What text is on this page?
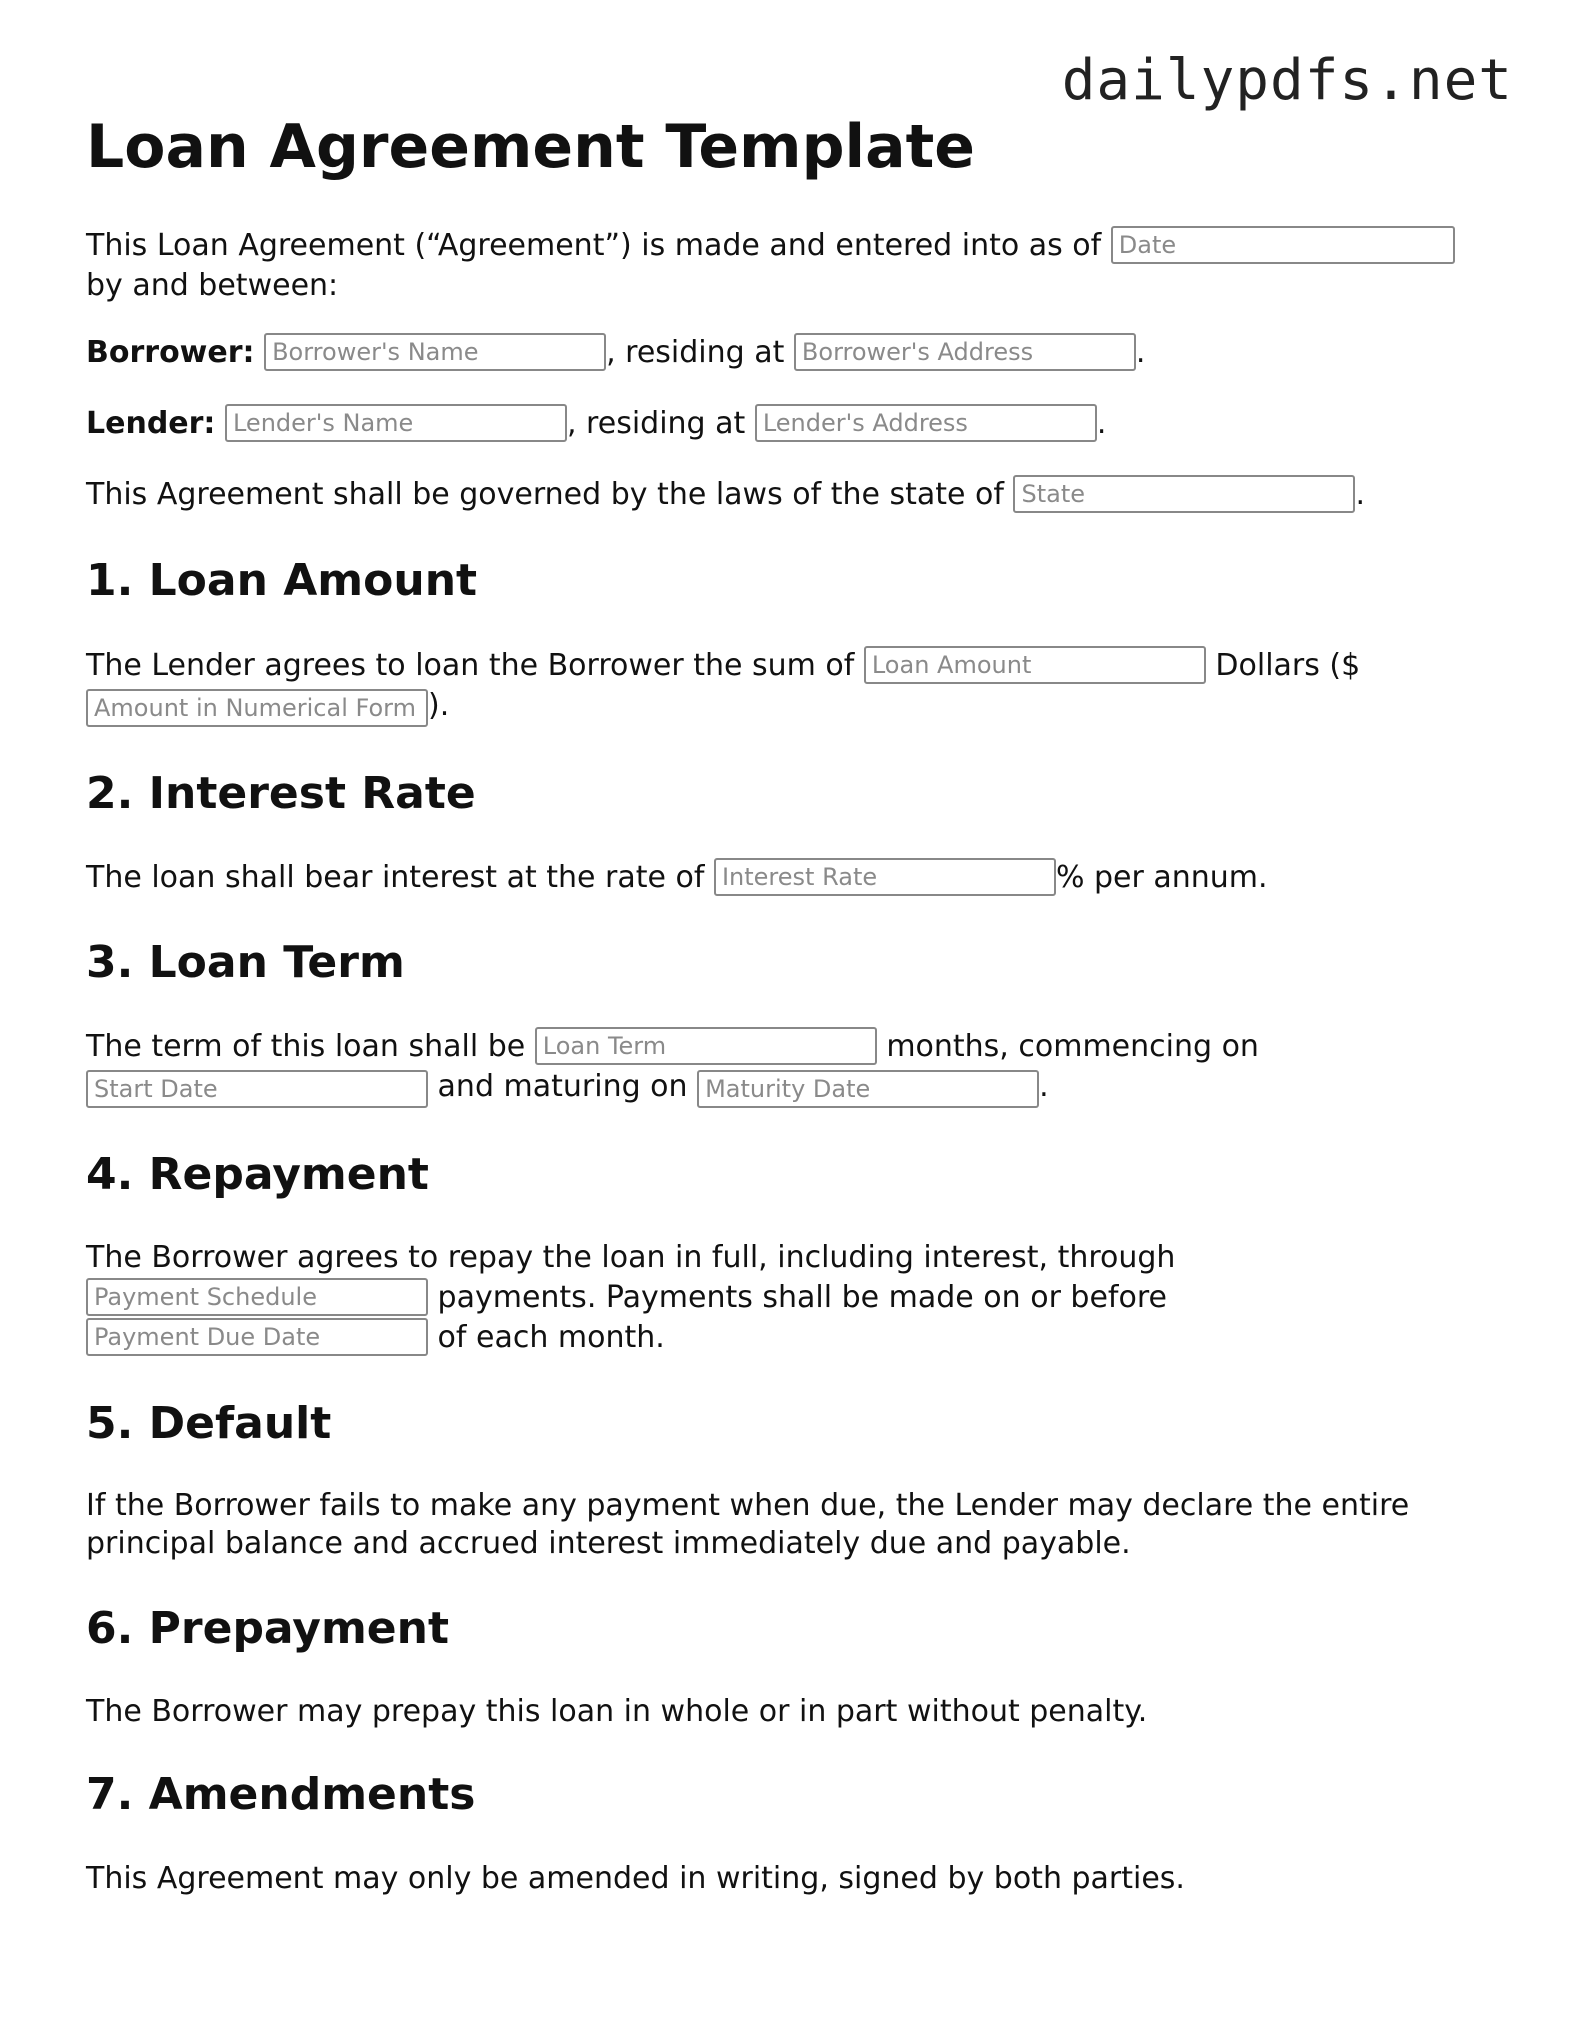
dailypdfs.net
Loan Agreement Template
This Loan Agreement (“Agreement”) is made and entered into as of Date
by and between:
Borrower: Borrower's Name	, residing at Borrower's Address	.
Lender: Lender's Name	, residing at Lender's Address	.
This Agreement shall be governed by the laws of the state of State	.
1. Loan Amount
The Lender agrees to loan the Borrower the sum of Loan Amount	Dollars ($
Amount in Numerical Form).
2. Interest Rate
The loan shall bear interest at the rate of Interest Rate	% per annum.
3. Loan Term
The term of this loan shall be Loan Term	months, commencing on
Start Date and maturing on Maturity Date	.
4. Repayment
The Borrower agrees to repay the loan in full, including interest, through
Payment Schedule payments. Payments shall be made on or before
Payment Due Date of each month.
5. Default
If the Borrower fails to make any payment when due, the Lender may declare the entire principal balance and accrued interest immediately due and payable.
6. Prepayment
The Borrower may prepay this loan in whole or in part without penalty.
7. Amendments
This Agreement may only be amended in writing, signed by both parties.
